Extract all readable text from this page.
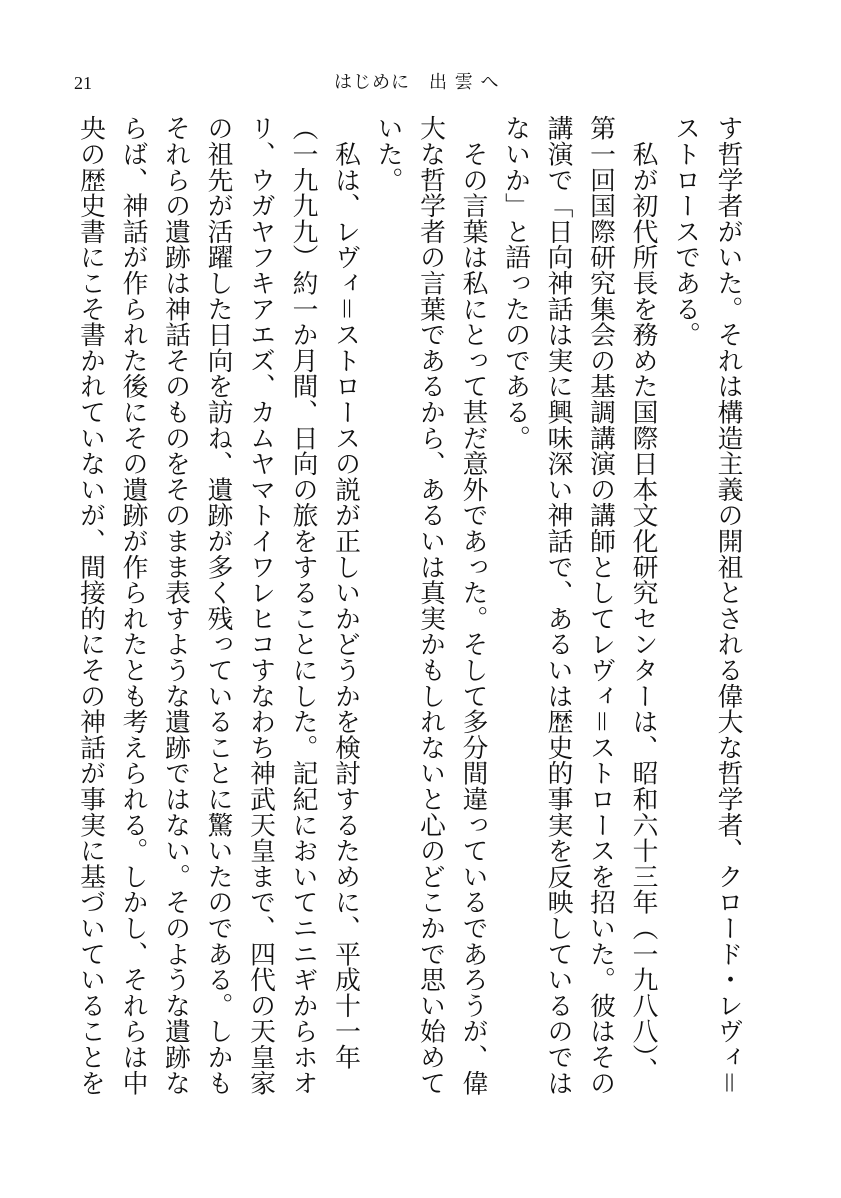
21	はじめに　出 雲 へ
す哲学者がいた。それは構造主義の開祖とされる偉大な哲学者、クロード・レヴィ＝
ストロースである。
　私が初代所長を務めた国際日本文化研究センターは、昭和六十三年（一九八八）、
第一回国際研究集会の基調講演の講師としてレヴィ＝ストロースを招いた。彼はその
講演で「日向神話は実に興味深い神話で、あるいは歴史的事実を反映しているのでは
ないか」と語ったのである。
　その言葉は私にとって甚だ意外であった。そして多分間違っているであろうが、偉
大な哲学者の言葉であるから、あるいは真実かもしれないと心のどこかで思い始めて
いた。
　私は、レヴィ＝ストロースの説が正しいかどうかを検討するために、平成十一年
（一九九九）約一か月間、日向の旅をすることにした。記紀においてニニギからホオ
リ、ウガヤフキアエズ、カムヤマトイワレヒコすなわち神武天皇まで、四代の天皇家
の祖先が活躍した日向を訪ね、遺跡が多く残っていることに驚いたのである。しかも
それらの遺跡は神話そのものをそのまま表すような遺跡ではない。そのような遺跡な
らば、神話が作られた後にその遺跡が作られたとも考えられる。しかし、それらは中
央の歴史書にこそ書かれていないが、間接的にその神話が事実に基づいていることを
